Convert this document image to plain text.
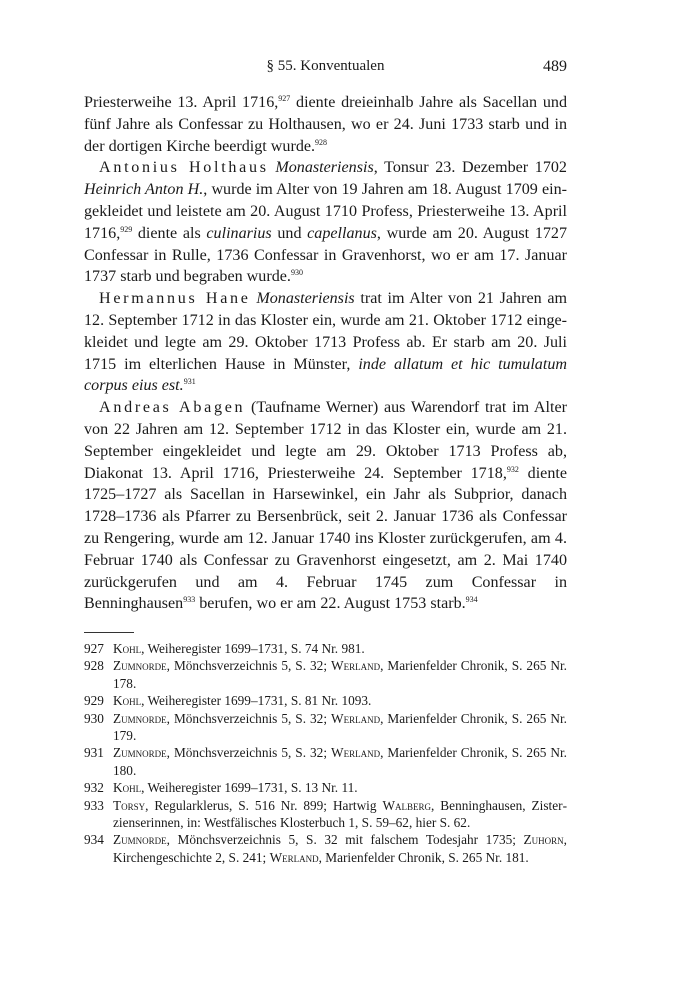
§ 55. Konventualen	489

Priesterweihe 13. April 1716,$^{927}$ diente dreieinhalb Jahre als Sacellan und fünf Jahre als Confessar zu Holthausen, wo er 24. Juni 1733 starb und in der dortigen Kirche beerdigt wurde.$^{928}$

Antonius Holthaus Monasteriensis, Tonsur 23. Dezember 1702 Heinrich Anton H., wurde im Alter von 19 Jahren am 18. August 1709 eingekleidet und leistete am 20. August 1710 Profess, Priesterweihe 13. April 1716,$^{929}$ diente als culinarius und capellanus, wurde am 20. August 1727 Confessar in Rulle, 1736 Confessar in Gravenhorst, wo er am 17. Januar 1737 starb und begraben wurde.$^{930}$

Hermannus Hane Monasteriensis trat im Alter von 21 Jahren am 12. September 1712 in das Kloster ein, wurde am 21. Oktober 1712 eingekleidet und legte am 29. Oktober 1713 Profess ab. Er starb am 20. Juli 1715 im elterlichen Hause in Münster, inde allatum et hic tumulatum corpus eius est.$^{931}$

Andreas Abagen (Taufname Werner) aus Warendorf trat im Alter von 22 Jahren am 12. September 1712 in das Kloster ein, wurde am 21. September eingekleidet und legte am 29. Oktober 1713 Profess ab, Diakonat 13. April 1716, Priesterweihe 24. September 1718,$^{932}$ diente 1725–1727 als Sacellan in Harsewinkel, ein Jahr als Subprior, danach 1728–1736 als Pfarrer zu Bersenbrück, seit 2. Januar 1736 als Confessar zu Rengering, wurde am 12. Januar 1740 ins Kloster zurückgerufen, am 4. Februar 1740 als Confessar zu Gravenhorst eingesetzt, am 2. Mai 1740 zurückgerufen und am 4. Februar 1745 zum Confessar in Benninghausen$^{933}$ berufen, wo er am 22. August 1753 starb.$^{934}$

927 Kohl, Weiheregister 1699–1731, S. 74 Nr. 981.
928 Zumnorde, Mönchsverzeichnis 5, S. 32; Werland, Marienfelder Chronik, S. 265 Nr. 178.
929 Kohl, Weiheregister 1699–1731, S. 81 Nr. 1093.
930 Zumnorde, Mönchsverzeichnis 5, S. 32; Werland, Marienfelder Chronik, S. 265 Nr. 179.
931 Zumnorde, Mönchsverzeichnis 5, S. 32; Werland, Marienfelder Chronik, S. 265 Nr. 180.
932 Kohl, Weiheregister 1699–1731, S. 13 Nr. 11.
933 Torsy, Regularklerus, S. 516 Nr. 899; Hartwig Walberg, Benninghausen, Zisterzienserinnen, in: Westfälisches Klosterbuch 1, S. 59–62, hier S. 62.
934 Zumnorde, Mönchsverzeichnis 5, S. 32 mit falschem Todesjahr 1735; Zuhorn, Kirchengeschichte 2, S. 241; Werland, Marienfelder Chronik, S. 265 Nr. 181.
